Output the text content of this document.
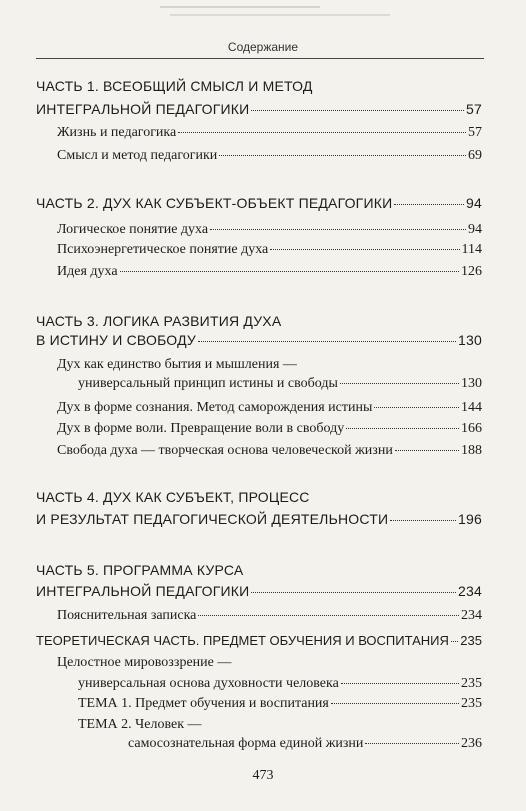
Содержание
ЧАСТЬ 1. ВСЕОБЩИЙ СМЫСЛ И МЕТОД
ИНТЕГРАЛЬНОЙ ПЕДАГОГИКИ	57
Жизнь и педагогика	57
Смысл и метод педагогики	69
ЧАСТЬ 2. ДУХ КАК СУБЪЕКТ-ОБЪЕКТ ПЕДАГОГИКИ	94
Логическое понятие духа	94
Психоэнергетическое понятие духа	114
Идея духа	126
ЧАСТЬ 3. ЛОГИКА РАЗВИТИЯ ДУХА
В ИСТИНУ И СВОБОДУ	130
Дух как единство бытия и мышления —
универсальный принцип истины и свободы	130
Дух в форме сознания. Метод саморождения истины	144
Дух в форме воли. Превращение воли в свободу	166
Свобода духа — творческая основа человеческой жизни	188
ЧАСТЬ 4. ДУХ КАК СУБЪЕКТ, ПРОЦЕСС
И РЕЗУЛЬТАТ ПЕДАГОГИЧЕСКОЙ ДЕЯТЕЛЬНОСТИ	196
ЧАСТЬ 5. ПРОГРАММА КУРСА
ИНТЕГРАЛЬНОЙ ПЕДАГОГИКИ	234
Пояснительная записка	234
ТЕОРЕТИЧЕСКАЯ ЧАСТЬ. ПРЕДМЕТ ОБУЧЕНИЯ И ВОСПИТАНИЯ 235
Целостное мировоззрение —
универсальная основа духовности человека	235
ТЕМА 1. Предмет обучения и воспитания	235
ТЕМА 2. Человек —
самосознательная форма единой жизни	236
473
